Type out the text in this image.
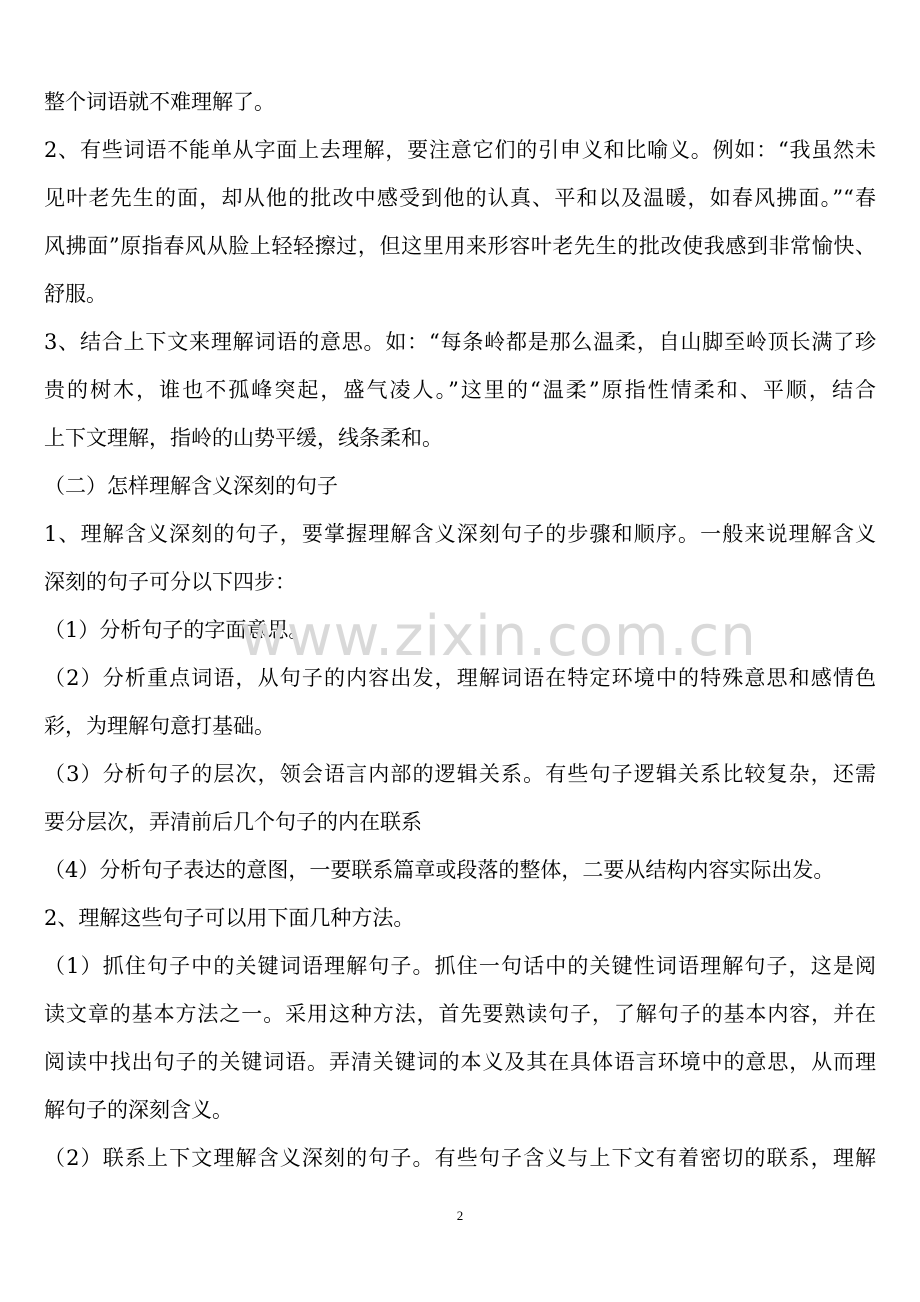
整个词语就不难理解了。
2、有些词语不能单从字面上去理解，要注意它们的引申义和比喻义。例如：“我虽然未
见叶老先生的面，却从他的批改中感受到他的认真、平和以及温暖，如春风拂面。”“春
风拂面”原指春风从脸上轻轻擦过，但这里用来形容叶老先生的批改使我感到非常愉快、
舒服。
3、结合上下文来理解词语的意思。如：“每条岭都是那么温柔，自山脚至岭顶长满了珍
贵的树木，谁也不孤峰突起，盛气凌人。”这里的“温柔”原指性情柔和、平顺，结合
上下文理解，指岭的山势平缓，线条柔和。
（二）怎样理解含义深刻的句子
1、理解含义深刻的句子，要掌握理解含义深刻句子的步骤和顺序。一般来说理解含义
深刻的句子可分以下四步：
（1）分析句子的字面意思。
（2）分析重点词语，从句子的内容出发，理解词语在特定环境中的特殊意思和感情色
彩，为理解句意打基础。
（3）分析句子的层次，领会语言内部的逻辑关系。有些句子逻辑关系比较复杂，还需
要分层次，弄清前后几个句子的内在联系
（4）分析句子表达的意图，一要联系篇章或段落的整体，二要从结构内容实际出发。
2、理解这些句子可以用下面几种方法。
（1）抓住句子中的关键词语理解句子。抓住一句话中的关键性词语理解句子，这是阅
读文章的基本方法之一。采用这种方法，首先要熟读句子，了解句子的基本内容，并在
阅读中找出句子的关键词语。弄清关键词的本义及其在具体语言环境中的意思，从而理
解句子的深刻含义。
（2）联系上下文理解含义深刻的句子。有些句子含义与上下文有着密切的联系，理解
www.zixin.com.cn
2
